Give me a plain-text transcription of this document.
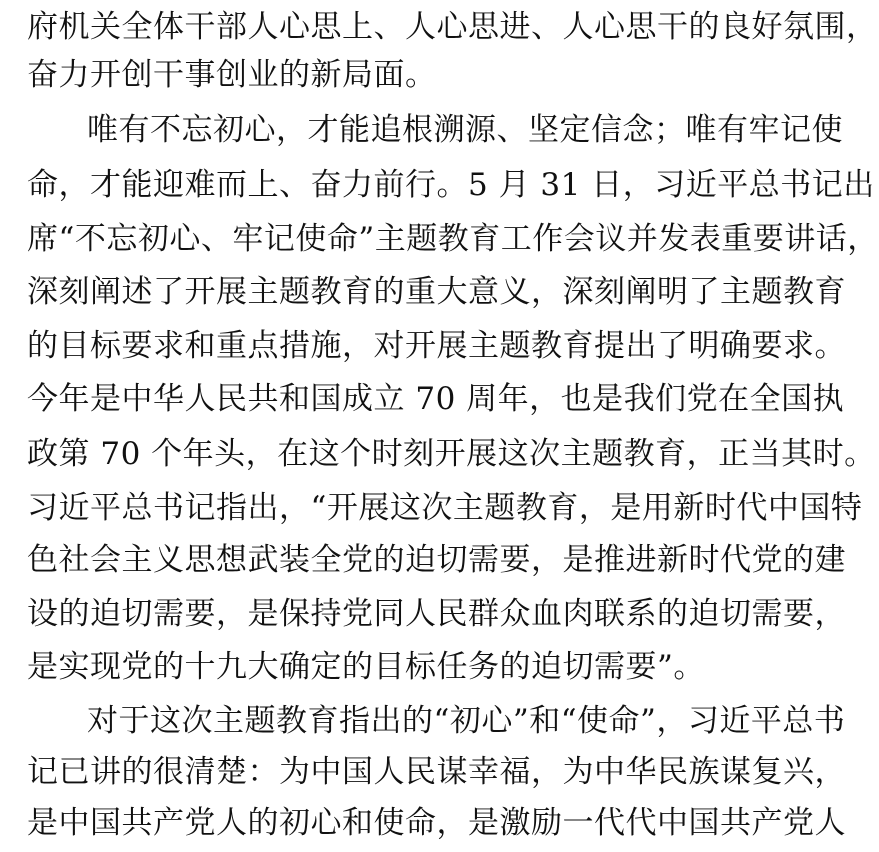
府机关全体干部人心思上、人心思进、人心思干的良好氛围，
奋力开创干事创业的新局面。
唯有不忘初心，才能追根溯源、坚定信念；唯有牢记使
命，才能迎难而上、奋力前行。5 月 31 日，习近平总书记出
席“不忘初心、牢记使命”主题教育工作会议并发表重要讲话，
深刻阐述了开展主题教育的重大意义，深刻阐明了主题教育
的目标要求和重点措施，对开展主题教育提出了明确要求。
今年是中华人民共和国成立 70 周年，也是我们党在全国执
政第 70 个年头，在这个时刻开展这次主题教育，正当其时。
习近平总书记指出，“开展这次主题教育，是用新时代中国特
色社会主义思想武装全党的迫切需要，是推进新时代党的建
设的迫切需要，是保持党同人民群众血肉联系的迫切需要，
是实现党的十九大确定的目标任务的迫切需要”。
对于这次主题教育指出的“初心”和“使命”，习近平总书
记已讲的很清楚：为中国人民谋幸福，为中华民族谋复兴，
是中国共产党人的初心和使命，是激励一代代中国共产党人
